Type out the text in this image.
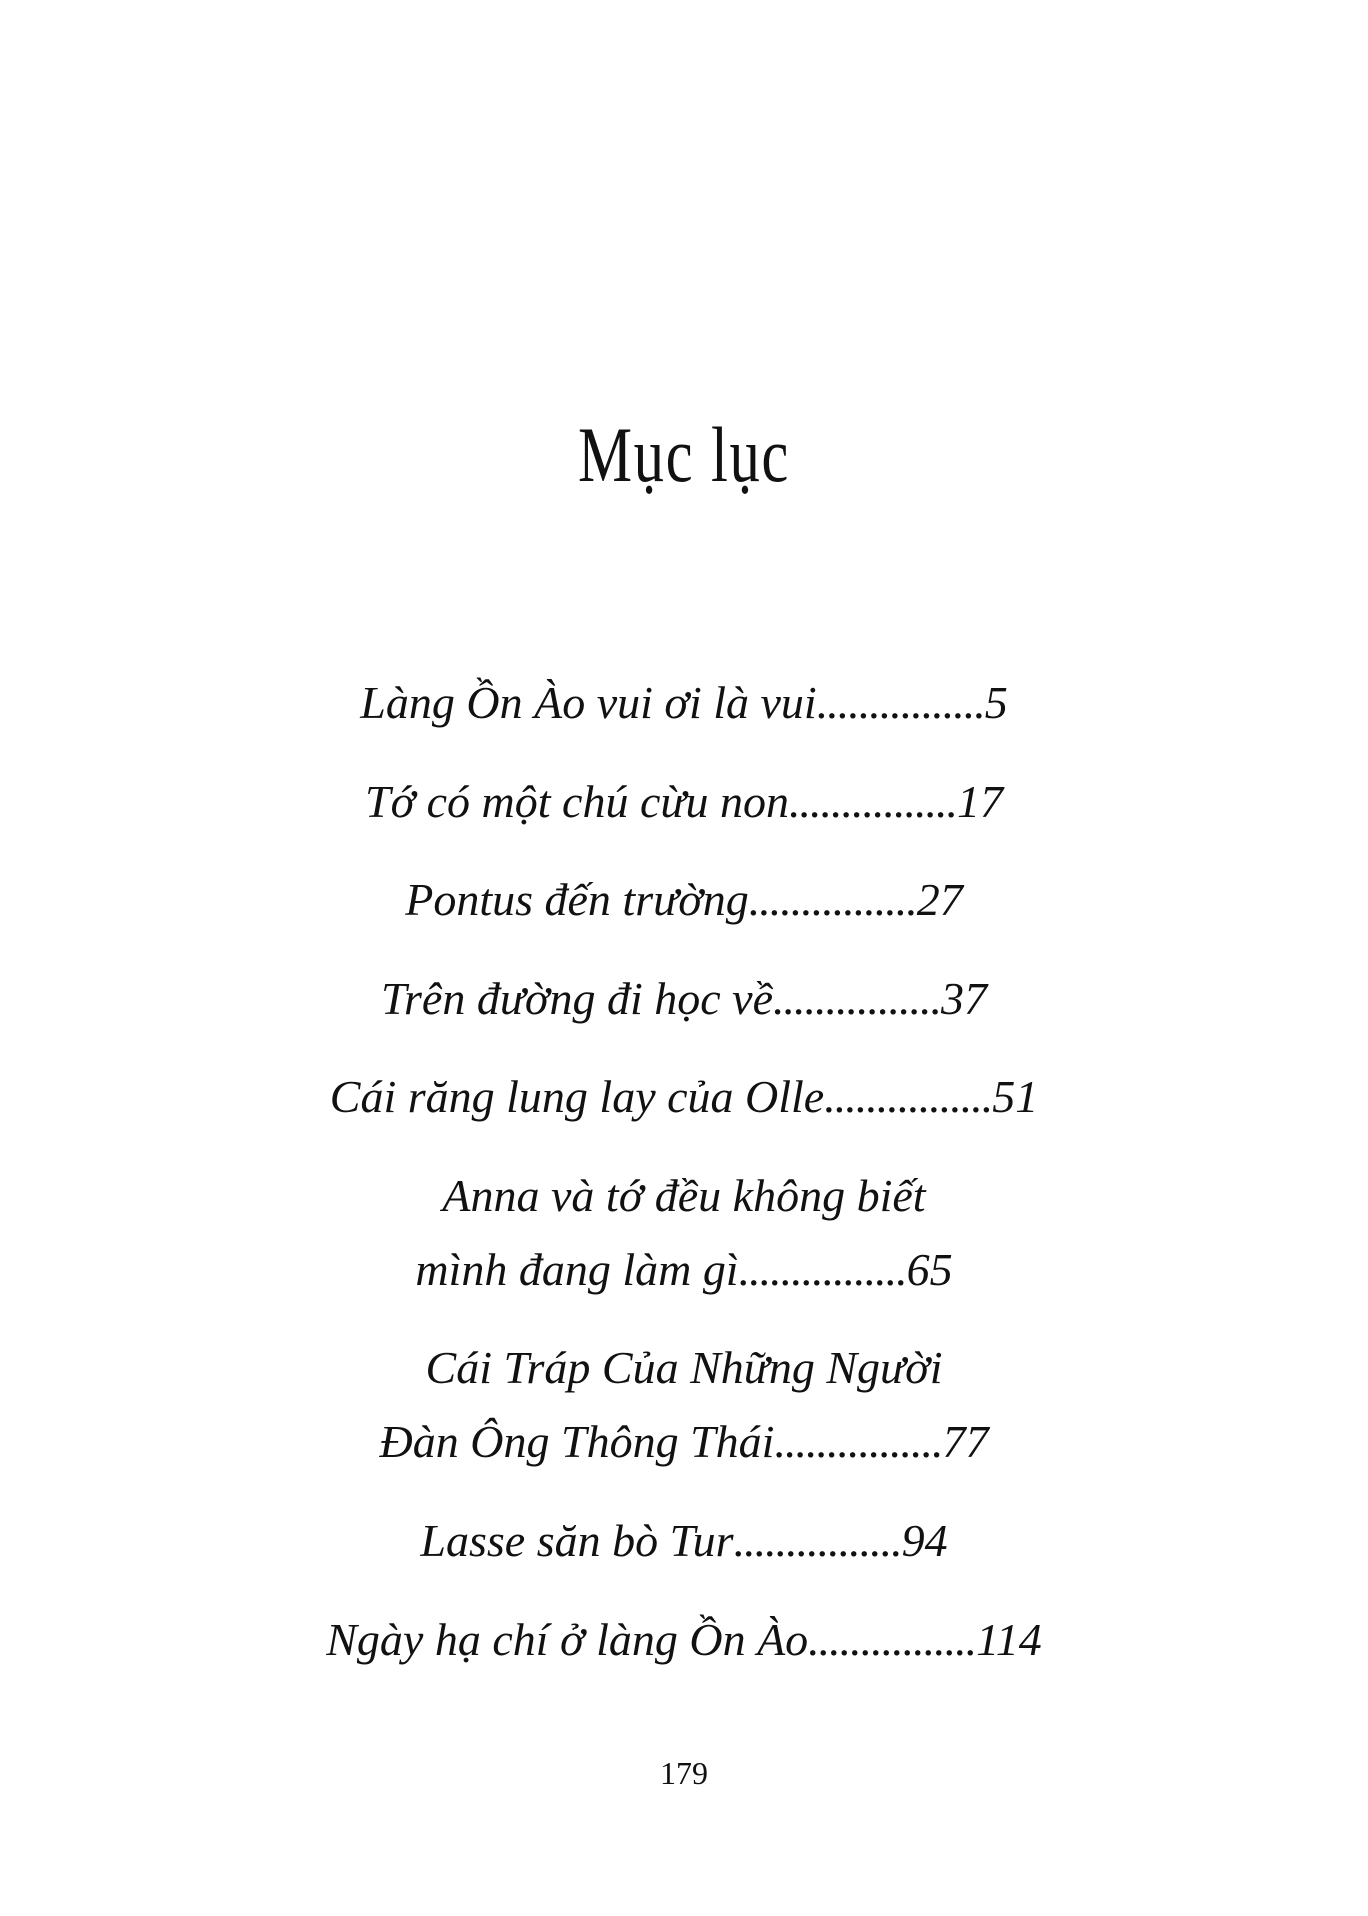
Mục lục
Làng Ồn Ào vui ơi là vui................5
Tớ có một chú cừu non................17
Pontus đến trường................27
Trên đường đi học về................37
Cái răng lung lay của Olle................51
Anna và tớ đều không biết
mình đang làm gì................65
Cái Tráp Của Những Người
Đàn Ông Thông Thái................77
Lasse săn bò Tur................94
Ngày hạ chí ở làng Ồn Ào................114
179
